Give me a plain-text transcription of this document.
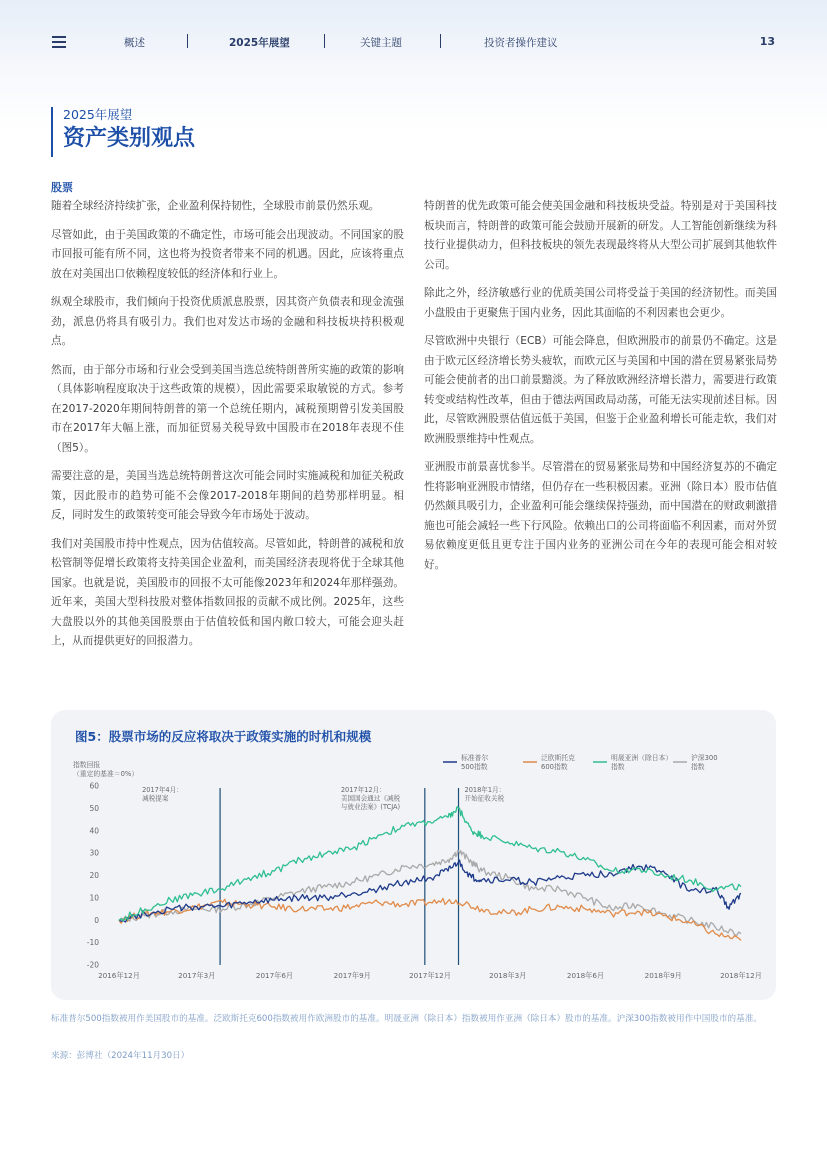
概述	2025年展望	关键主题	投资者操作建议	13
2025年展望
资产类别观点
股票

随着全球经济持续扩张，企业盈利保持韧性，全球股市前景仍然乐观。

尽管如此，由于美国政策的不确定性，市场可能会出现波动。不同国家的股市回报可能有所不同，这也将为投资者带来不同的机遇。因此，应该将重点放在对美国出口依赖程度较低的经济体和行业上。

纵观全球股市，我们倾向于投资优质派息股票，因其资产负债表和现金流强劲，派息仍将具有吸引力。我们也对发达市场的金融和科技板块持积极观点。

然而，由于部分市场和行业会受到美国当选总统特朗普所实施的政策的影响（具体影响程度取决于这些政策的规模），因此需要采取敏锐的方式。参考在2017-2020年期间特朗普的第一个总统任期内，减税预期曾引发美国股市在2017年大幅上涨，而加征贸易关税导致中国股市在2018年表现不佳（图5）。

需要注意的是，美国当选总统特朗普这次可能会同时实施减税和加征关税政策，因此股市的趋势可能不会像2017-2018年期间的趋势那样明显。相反，同时发生的政策转变可能会导致今年市场处于波动。

我们对美国股市持中性观点，因为估值较高。尽管如此，特朗普的减税和放松管制等促增长政策将支持美国企业盈利，而美国经济表现将优于全球其他国家。也就是说，美国股市的回报不太可能像2023年和2024年那样强劲。近年来，美国大型科技股对整体指数回报的贡献不成比例。2025年，这些大盘股以外的其他美国股票由于估值较低和国内敞口较大，可能会迎头赶上，从而提供更好的回报潜力。

特朗普的优先政策可能会使美国金融和科技板块受益。特别是对于美国科技板块而言，特朗普的政策可能会鼓励开展新的研发。人工智能创新继续为科技行业提供动力，但科技板块的领先表现最终将从大型公司扩展到其他软件公司。

除此之外，经济敏感行业的优质美国公司将受益于美国的经济韧性。而美国小盘股由于更聚焦于国内业务，因此其面临的不利因素也会更少。

尽管欧洲中央银行（ECB）可能会降息，但欧洲股市的前景仍不确定。这是由于欧元区经济增长势头疲软，而欧元区与美国和中国的潜在贸易紧张局势可能会使前者的出口前景黯淡。为了释放欧洲经济增长潜力，需要进行政策转变或结构性改革，但由于德法两国政局动荡，可能无法实现前述目标。因此，尽管欧洲股票估值远低于美国，但鉴于企业盈利增长可能走软，我们对欧洲股票维持中性观点。

亚洲股市前景喜忧参半。尽管潜在的贸易紧张局势和中国经济复苏的不确定性将影响亚洲股市情绪，但仍存在一些积极因素。亚洲（除日本）股市估值仍然颇具吸引力，企业盈利可能会继续保持强劲，而中国潜在的财政刺激措施也可能会减轻一些下行风险。依赖出口的公司将面临不利因素，而对外贸易依赖度更低且更专注于国内业务的亚洲公司在今年的表现可能会相对较好。

图5：股票市场的反应将取决于政策实施的时机和规模
指数回报
（重定的基准＝0%）
-20
-10
0
10
20
30
40
50
60
2016年12月	2017年3月	2017年6月	2017年9月	2017年12月	2018年3月	2018年6月	2018年9月	2018年12月
2017年4月：
减税提案
2017年12月：
美国国会通过《减税
与就业法案》(TCJA)
2018年1月：
开始征收关税
标准普尔
500指数
泛欧斯托克
600指数
明晟亚洲（除日本）
指数
沪深300
指数
标准普尔500指数被用作美国股市的基准。泛欧斯托克600指数被用作欧洲股市的基准。明晟亚洲（除日本）指数被用作亚洲（除日本）股市的基准。沪深300指数被用作中国股市的基准。
来源：彭博社（2024年11月30日）
